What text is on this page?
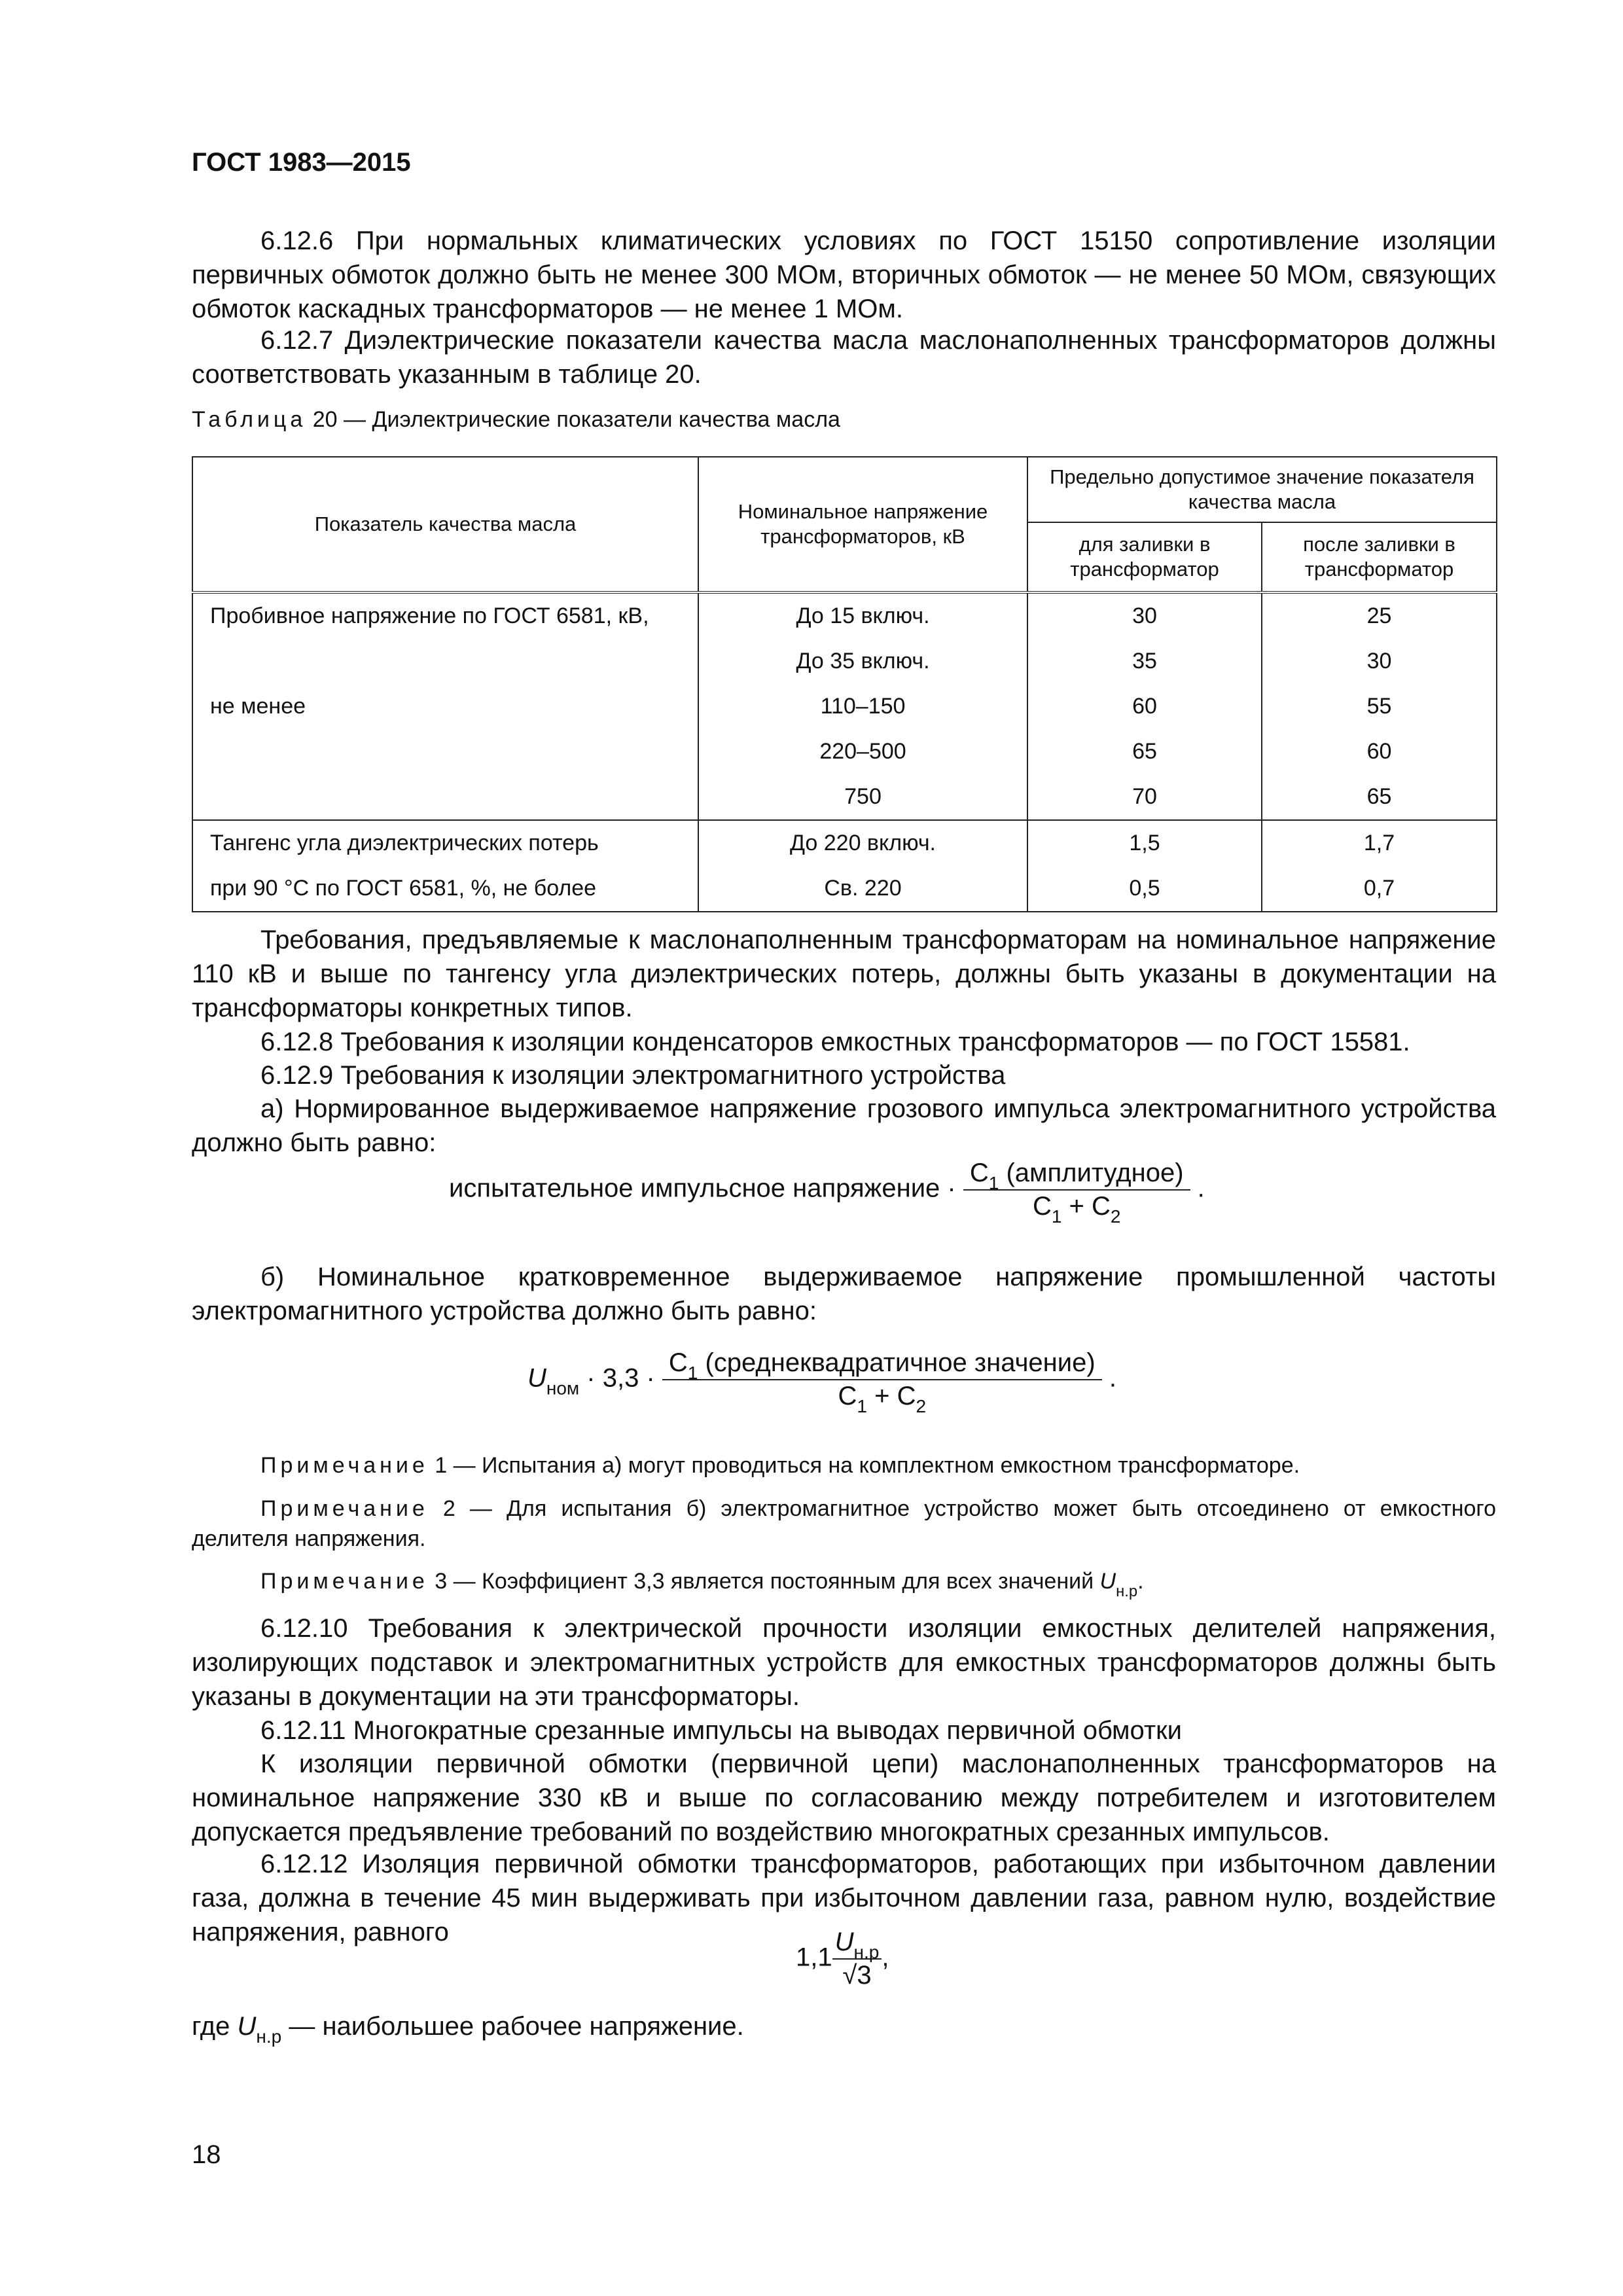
ГОСТ 1983—2015
6.12.6 При нормальных климатических условиях по ГОСТ 15150 сопротивление изоляции первичных обмоток должно быть не менее 300 МОм, вторичных обмоток — не менее 50 МОм, связующих обмоток каскадных трансформаторов — не менее 1 МОм.
6.12.7 Диэлектрические показатели качества масла маслонаполненных трансформаторов должны соответствовать указанным в таблице 20.
Таблица 20 — Диэлектрические показатели качества масла
Показатель качества масла	Номинальное напряжение трансформаторов, кВ	Предельно допустимое значение показателя качества масла	
		для заливки в трансформатор	после заливки в трансформатор
Пробивное напряжение по ГОСТ 6581, кВ,	До 15 включ.	30	25
	До 35 включ.	35	30
не менее	110–150	60	55
	220–500	65	60
	750	70	65
Тангенс угла диэлектрических потерь	До 220 включ.	1,5	1,7
при 90 °С по ГОСТ 6581, %, не более	Св. 220	0,5	0,7
Требования, предъявляемые к маслонаполненным трансформаторам на номинальное напряжение 110 кВ и выше по тангенсу угла диэлектрических потерь, должны быть указаны в документации на трансформаторы конкретных типов.
6.12.8 Требования к изоляции конденсаторов емкостных трансформаторов — по ГОСТ 15581.
6.12.9 Требования к изоляции электромагнитного устройства
а) Нормированное выдерживаемое напряжение грозового импульса электромагнитного устройства должно быть равно:
испытательное импульсное напряжение · $\frac{С_1 (амплитудное)}{С_1 + С_2}$ .
б) Номинальное кратковременное выдерживаемое напряжение промышленной частоты электромагнитного устройства должно быть равно:
$U_{ном} \cdot 3,3 \cdot \frac{С_1 (среднеквадратичное значение)}{С_1 + С_2}$ .
Примечание 1 — Испытания а) могут проводиться на комплектном емкостном трансформаторе.
Примечание 2 — Для испытания б) электромагнитное устройство может быть отсоединено от емкостного делителя напряжения.
Примечание 3 — Коэффициент 3,3 является постоянным для всех значений $U_{н.р}$.
6.12.10 Требования к электрической прочности изоляции емкостных делителей напряжения, изолирующих подставок и электромагнитных устройств для емкостных трансформаторов должны быть указаны в документации на эти трансформаторы.
6.12.11 Многократные срезанные импульсы на выводах первичной обмотки
К изоляции первичной обмотки (первичной цепи) маслонаполненных трансформаторов на номинальное напряжение 330 кВ и выше по согласованию между потребителем и изготовителем допускается предъявление требований по воздействию многократных срезанных импульсов.
6.12.12 Изоляция первичной обмотки трансформаторов, работающих при избыточном давлении газа, должна в течение 45 мин выдерживать при избыточном давлении газа, равном нулю, воздействие напряжения, равного
$1,1 \frac{U_{н.р}}{√3}$ ,
где $U_{н.р}$ — наибольшее рабочее напряжение.
18
